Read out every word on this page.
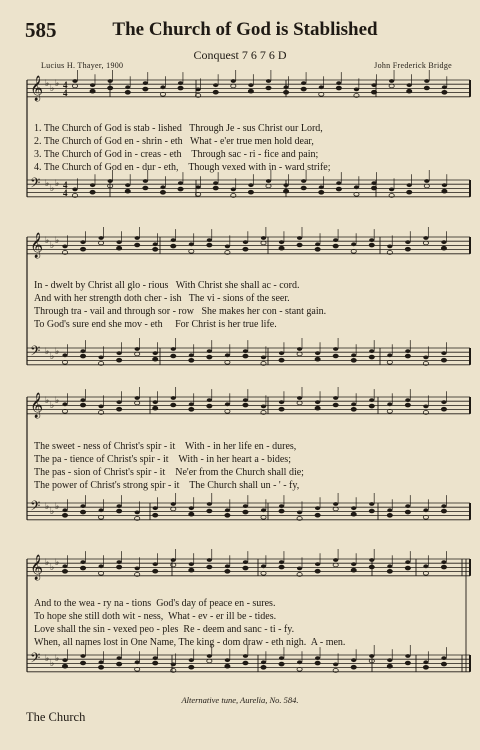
585	The Church of God is Stablished
Conquest 7 6 7 6 D
Lucius H. Thayer, 1900	John Frederick Bridge
𝄞 ♭ ♭ ♭ 4
4
𝄢 ♭ ♭ ♭ 4
4
𝄞 ♭ ♭ ♭
𝄢 ♭ ♭ ♭
𝄞 ♭ ♭ ♭
𝄢 ♭ ♭ ♭
𝄞 ♭ ♭ ♭
𝄢 ♭ ♭ ♭
1. The Church of God is stab - lished   Through Je - sus Christ our Lord,
2. The Church of God en - shrin - eth   What - e'er true men hold dear,
3. The Church of God in - creas - eth    Through sac - ri - fice and pain;
4. The Church of God en - dur - eth,    Though vexed with in - ward strife;
In - dwelt by Christ all glo - rious   With Christ she shall ac - cord.
And with her strength doth cher - ish   The vi - sions of the seer.
Through tra - vail and through sor - row   She makes her con - stant gain.
To God's sure end she mov - eth     For Christ is her true life.
The sweet - ness of Christ's spir - it    With - in her life en - dures,
The pa - tience of Christ's spir - it    With - in her heart a - bides;
The pas - sion of Christ's spir - it    Ne'er from the Church shall die;
The power of Christ's strong spir - it    The Church shall un - ' - fy,
And to the wea - ry na - tions  God's day of peace en - sures.
To hope she still doth wit - ness,  What - ev - er ill be - tides.
Love shall the sin - vexed peo - ples  Re - deem and sanc - ti - fy.
When, all names lost in One Name, The king - dom draw - eth nigh.  A - men.
Alternative tune, Aurelia, No. 584.
The Church
